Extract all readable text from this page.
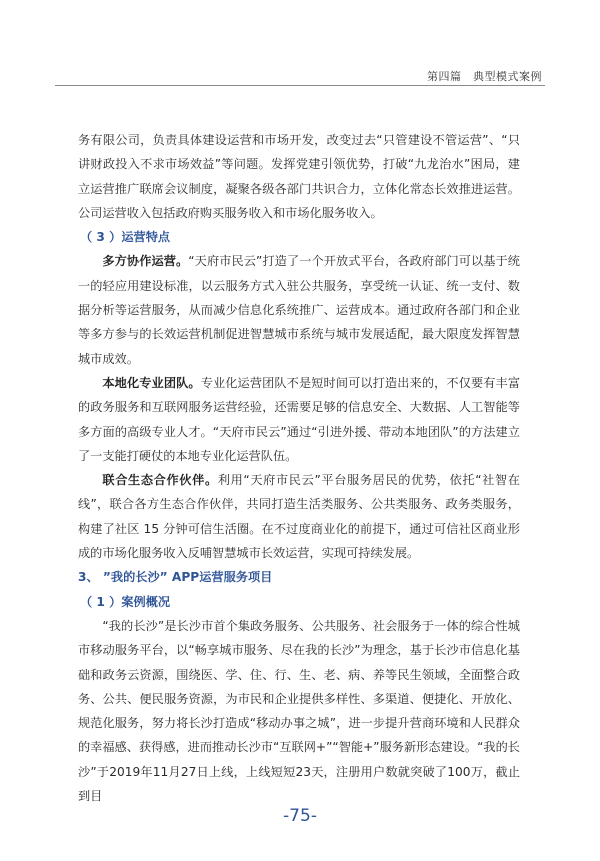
第四篇　典型模式案例

务有限公司，负责具体建设运营和市场开发，改变过去“只管建设不管运营”、“只讲财政投入不求市场效益”等问题。发挥党建引领优势，打破“九龙治水”困局，建立运营推广联席会议制度，凝聚各级各部门共识合力，立体化常态长效推进运营。公司运营收入包括政府购买服务收入和市场化服务收入。

（ 3 ）运营特点

多方协作运营。“天府市民云”打造了一个开放式平台，各政府部门可以基于统一的轻应用建设标准，以云服务方式入驻公共服务，享受统一认证、统一支付、数据分析等运营服务，从而减少信息化系统推广、运营成本。通过政府各部门和企业等多方参与的长效运营机制促进智慧城市系统与城市发展适配，最大限度发挥智慧城市成效。

本地化专业团队。专业化运营团队不是短时间可以打造出来的，不仅要有丰富的政务服务和互联网服务运营经验，还需要足够的信息安全、大数据、人工智能等多方面的高级专业人才。“天府市民云”通过“引进外援、带动本地团队”的方法建立了一支能打硬仗的本地专业化运营队伍。

联合生态合作伙伴。利用“天府市民云”平台服务居民的优势，依托“社智在线”，联合各方生态合作伙伴，共同打造生活类服务、公共类服务、政务类服务，构建了社区 15 分钟可信生活圈。在不过度商业化的前提下，通过可信社区商业形成的市场化服务收入反哺智慧城市长效运营，实现可持续发展。

3、 ”我的长沙” APP运营服务项目

（ 1 ）案例概况

“我的长沙”是长沙市首个集政务服务、公共服务、社会服务于一体的综合性城市移动服务平台，以“畅享城市服务、尽在我的长沙”为理念，基于长沙市信息化基础和政务云资源，围绕医、学、住、行、生、老、病、养等民生领域，全面整合政务、公共、便民服务资源，为市民和企业提供多样性、多渠道、便捷化、开放化、规范化服务，努力将长沙打造成“移动办事之城”，进一步提升营商环境和人民群众的幸福感、获得感，进而推动长沙市“互联网+”“智能+”服务新形态建设。“我的长沙”于2019年11月27日上线，上线短短23天，注册用户数就突破了100万，截止到目

-75-
